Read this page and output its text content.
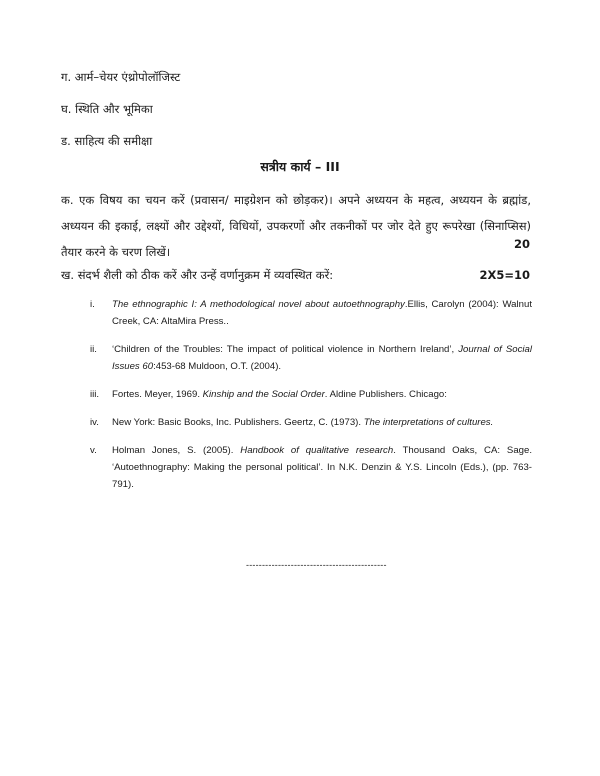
ग. आर्म–चेयर एंथ्रोपोलॉजिस्ट
घ. स्थिति और भूमिका
ड. साहित्य की समीक्षा
सत्रीय कार्य – III
क. एक विषय का चयन करें (प्रवासन/ माइग्रेशन को छोड़कर)। अपने अध्ययन के महत्व, अध्ययन के ब्रह्मांड, अध्ययन की इकाई, लक्ष्यों और उद्देश्यों, विधियों, उपकरणों और तकनीकों पर जोर देते हुए रूपरेखा (सिनाप्सिस) तैयार करने के चरण लिखें।
20
ख. संदर्भ शैली को ठीक करें और उन्हें वर्णानुक्रम में व्यवस्थित करें:	2X5=10
i. The ethnographic I: A methodological novel about autoethnography.Ellis, Carolyn (2004): Walnut Creek, CA: AltaMira Press..
ii. ‘Children of the Troubles: The impact of political violence in Northern Ireland’, Journal of Social Issues 60:453-68 Muldoon, O.T. (2004).
iii. Fortes. Meyer, 1969. Kinship and the Social Order. Aldine Publishers. Chicago:
iv. New York: Basic Books, Inc. Publishers. Geertz, C. (1973). The interpretations of cultures.
v. Holman Jones, S. (2005). Handbook of qualitative research. Thousand Oaks, CA: Sage. ‘Autoethnography: Making the personal political’. In N.K. Denzin & Y.S. Lincoln (Eds.), (pp. 763-791).
--------------------------------------------
